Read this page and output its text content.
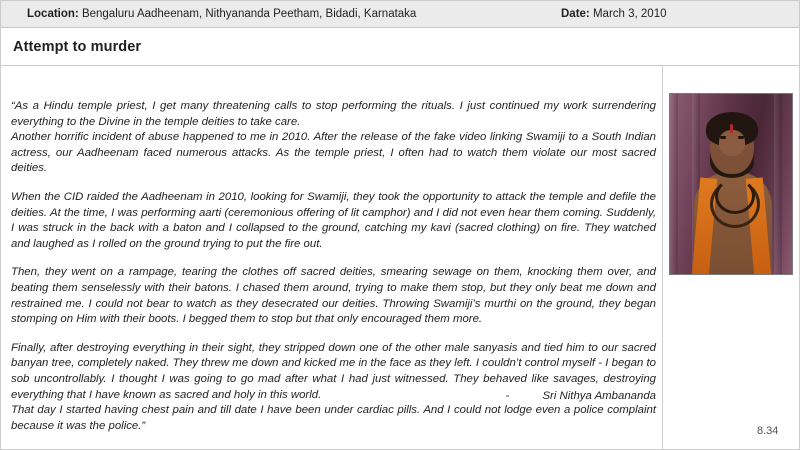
Location: Bengaluru Aadheenam, Nithyananda Peetham, Bidadi, Karnataka	Date: March 3, 2010
Attempt to murder

“As a Hindu temple priest, I get many threatening calls to stop performing the rituals. I just continued my work surrendering everything to the Divine in the temple deities to take care.

Another horrific incident of abuse happened to me in 2010. After the release of the fake video linking Swamiji to a South Indian actress, our Aadheenam faced numerous attacks. As the temple priest, I often had to watch them violate our most sacred deities.

When the CID raided the Aadheenam in 2010, looking for Swamiji, they took the opportunity to attack the temple and defile the deities. At the time, I was performing aarti (ceremonious offering of lit camphor) and I did not even hear them coming. Suddenly, I was struck in the back with a baton and I collapsed to the ground, catching my kavi (sacred clothing) on fire. They watched and laughed as I rolled on the ground trying to put the fire out.

Then, they went on a rampage, tearing the clothes off sacred deities, smearing sewage on them, knocking them over, and beating them senselessly with their batons. I chased them around, trying to make them stop, but they only beat me down and restrained me. I could not bear to watch as they desecrated our deities. Throwing Swamiji’s murthi on the ground, they began stomping on Him with their boots. I begged them to stop but that only encouraged them more.

Finally, after destroying everything in their sight, they stripped down one of the other male sanyasis and tied him to our sacred banyan tree, completely naked. They threw me down and kicked me in the face as they left. I couldn’t control myself - I began to sob uncontrollably. I thought I was going to go mad after what I had just witnessed. They behaved like savages, destroying everything that I have known as sacred and holy in this world.

That day I started having chest pain and till date I have been under cardiac pills. And I could not lodge even a police complaint because it was the police.”

-	Sri Nithya Ambananda
8.34
